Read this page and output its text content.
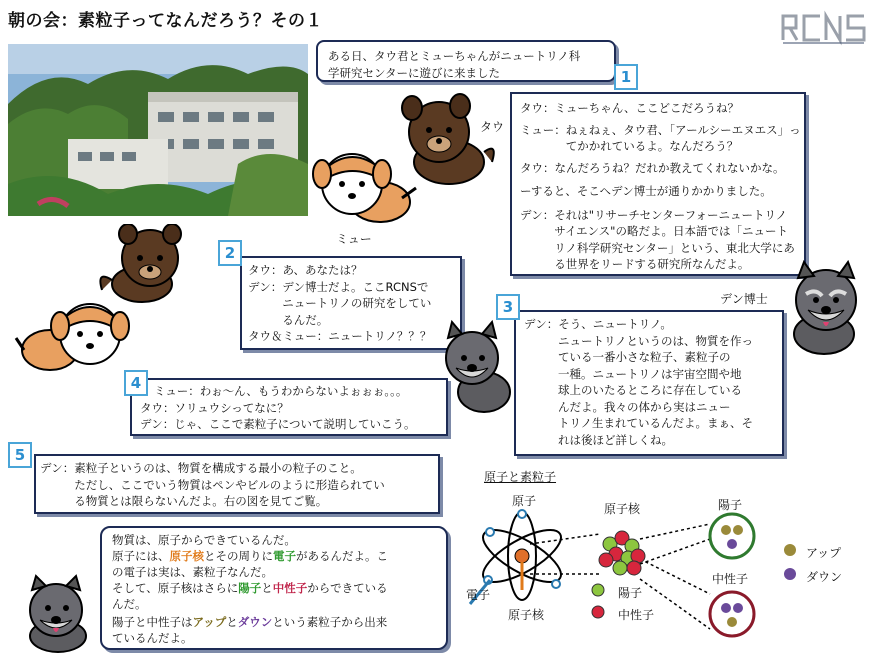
朝の会：素粒子ってなんだろう？その１
ある日、タウ君とミューちゃんがニュートリノ科
学研究センターに遊びに来ました
タウ： ミューちゃん、ここどこだろうね？
ミュー： ねぇねぇ、タウ君、「アールシーエヌエス」っ
てかかれているよ。なんだろう？
タウ： なんだろうね？だれか教えてくれないかな。
ーすると、そこへデン博士が通りかかりました。
デン： それは"リサーチセンターフォーニュートリノ
サイエンス"の略だよ。日本語では「ニュート
リノ科学研究センター」という、東北大学にあ
る世界をリードする研究所なんだよ。
1
タウ： あ、あなたは？
デン： デン博士だよ。ここRCNSで
ニュートリノの研究をしてい
るんだ。
タウ＆ミュー： ニュートリノ？？？
2
デン： そう、ニュートリノ。
ニュートリノというのは、物質を作っ
ている一番小さな粒子、素粒子の
一種。ニュートリノは宇宙空間や地
球上のいたるところに存在している
んだよ。我々の体から実はニュー
トリノ生まれているんだよ。まぁ、そ
れは後ほど詳しくね。
3
ミュー： わぉ～ん、もうわからないよぉぉぉ。。。
タウ： ソリュウシってなに？
デン： じゃ、ここで素粒子について説明していこう。
4
デン： 素粒子というのは、物質を構成する最小の粒子のこと。
ただし、ここでいう物質はペンやビルのように形造られてい
る物質とは限らないんだよ。右の図を見てご覧。
5
物質は、原子からできているんだ。
原子には、原子核とその周りに電子があるんだよ。こ
の電子は実は、素粒子なんだ。
そして、原子核はさらに陽子と中性子からできている
んだ。
陽子と中性子はアップとダウンという素粒子から出来
ているんだよ。
タウ
ミュー
デン博士
原子と素粒子
原子
原子核	陽子
電子
原子核
陽子
中性子
中性子
アップ
ダウン
